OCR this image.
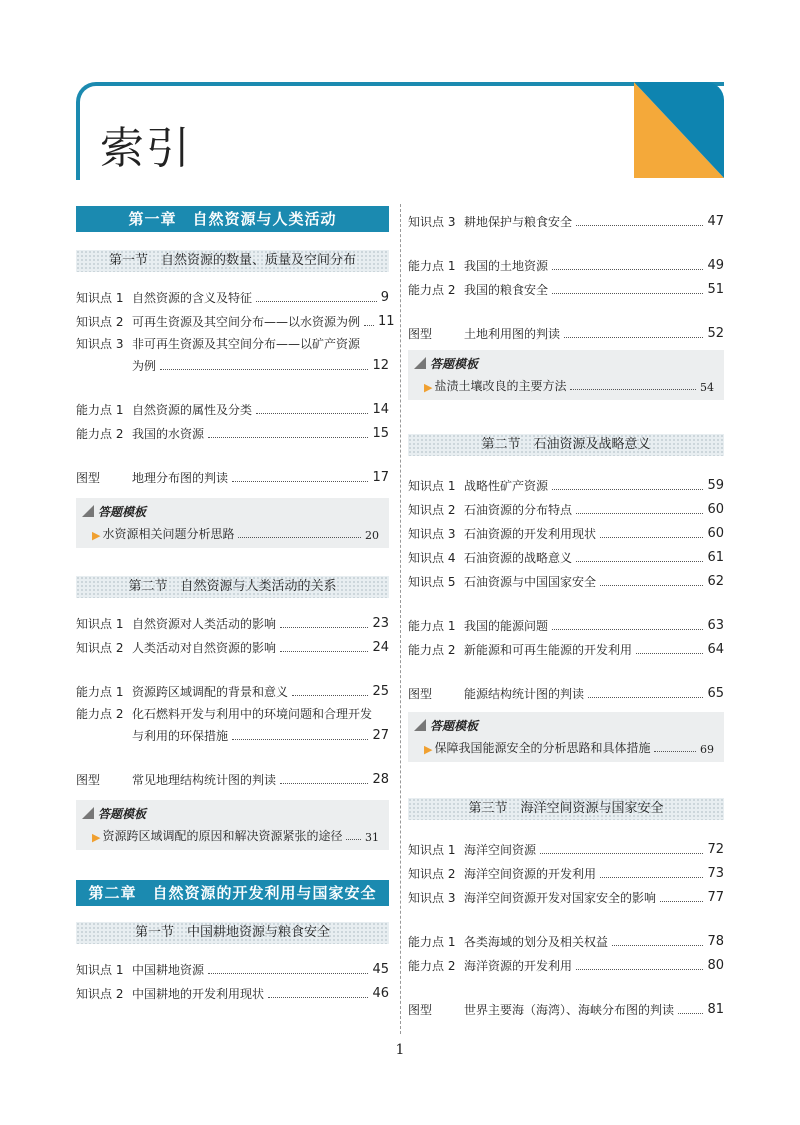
索引
第一章　自然资源与人类活动
第一节　自然资源的数量、质量及空间分布
知识点 1 自然资源的含义及特征	9
知识点 2 可再生资源及其空间分布——以水资源为例 11
知识点 3 非可再生资源及其空间分布——以矿产资源
为例	12
能力点 1 自然资源的属性及分类	14
能力点 2 我国的水资源	15
图型	地理分布图的判读	17
答题模板
▶ 水资源相关问题分析思路	20
第二节　自然资源与人类活动的关系
知识点 1 自然资源对人类活动的影响	23
知识点 2 人类活动对自然资源的影响	24
能力点 1 资源跨区域调配的背景和意义	25
能力点 2 化石燃料开发与利用中的环境问题和合理开发
与利用的环保措施	27
图型	常见地理结构统计图的判读	28
答题模板
▶ 资源跨区域调配的原因和解决资源紧张的途径 31
第二章　自然资源的开发利用与国家安全
第一节　中国耕地资源与粮食安全
知识点 1 中国耕地资源	45
知识点 2 中国耕地的开发利用现状	46
知识点 3 耕地保护与粮食安全	47
能力点 1 我国的土地资源	49
能力点 2 我国的粮食安全	51
图型	土地利用图的判读	52
答题模板
▶ 盐渍土壤改良的主要方法	54
第二节　石油资源及战略意义
知识点 1 战略性矿产资源	59
知识点 2 石油资源的分布特点	60
知识点 3 石油资源的开发利用现状	60
知识点 4 石油资源的战略意义	61
知识点 5 石油资源与中国国家安全	62
能力点 1 我国的能源问题	63
能力点 2 新能源和可再生能源的开发利用	64
图型	能源结构统计图的判读	65
答题模板
▶ 保障我国能源安全的分析思路和具体措施	69
第三节　海洋空间资源与国家安全
知识点 1 海洋空间资源	72
知识点 2 海洋空间资源的开发利用	73
知识点 3 海洋空间资源开发对国家安全的影响	77
能力点 1 各类海域的划分及相关权益	78
能力点 2 海洋资源的开发利用	80
图型	世界主要海（海湾）、海峡分布图的判读	81
1
